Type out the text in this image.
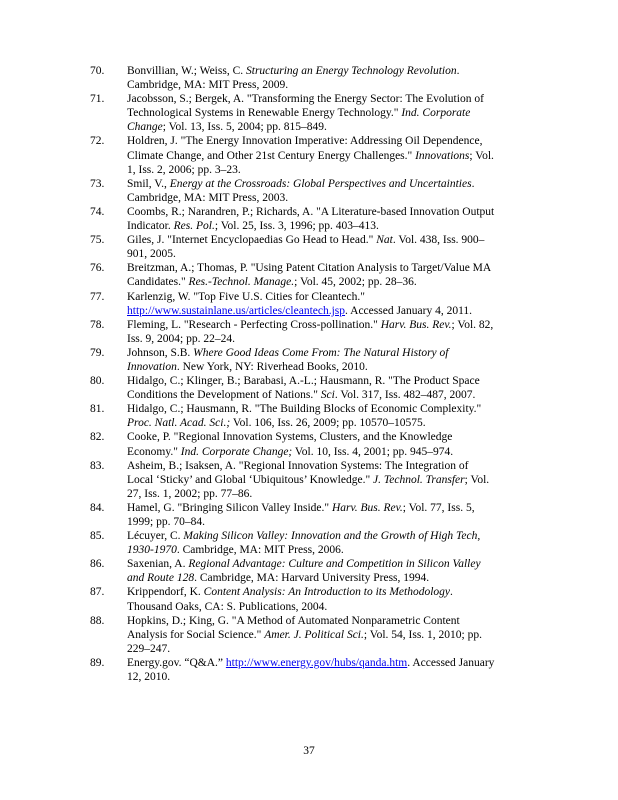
70. Bonvillian, W.; Weiss, C. Structuring an Energy Technology Revolution. Cambridge, MA: MIT Press, 2009.
71. Jacobsson, S.; Bergek, A. "Transforming the Energy Sector: The Evolution of Technological Systems in Renewable Energy Technology." Ind. Corporate Change; Vol. 13, Iss. 5, 2004; pp. 815–849.
72. Holdren, J. "The Energy Innovation Imperative: Addressing Oil Dependence, Climate Change, and Other 21st Century Energy Challenges." Innovations; Vol. 1, Iss. 2, 2006; pp. 3–23.
73. Smil, V., Energy at the Crossroads: Global Perspectives and Uncertainties. Cambridge, MA: MIT Press, 2003.
74. Coombs, R.; Narandren, P.; Richards, A. "A Literature-based Innovation Output Indicator. Res. Pol.; Vol. 25, Iss. 3, 1996; pp. 403–413.
75. Giles, J. "Internet Encyclopaedias Go Head to Head." Nat. Vol. 438, Iss. 900–901, 2005.
76. Breitzman, A.; Thomas, P. "Using Patent Citation Analysis to Target/Value MA Candidates." Res.-Technol. Manage.; Vol. 45, 2002; pp. 28–36.
77. Karlenzig, W. "Top Five U.S. Cities for Cleantech." http://www.sustainlane.us/articles/cleantech.jsp. Accessed January 4, 2011.
78. Fleming, L. "Research - Perfecting Cross-pollination." Harv. Bus. Rev.; Vol. 82, Iss. 9, 2004; pp. 22–24.
79. Johnson, S.B. Where Good Ideas Come From: The Natural History of Innovation. New York, NY: Riverhead Books, 2010.
80. Hidalgo, C.; Klinger, B.; Barabasi, A.-L.; Hausmann, R. "The Product Space Conditions the Development of Nations." Sci. Vol. 317, Iss. 482–487, 2007.
81. Hidalgo, C.; Hausmann, R. "The Building Blocks of Economic Complexity." Proc. Natl. Acad. Sci.; Vol. 106, Iss. 26, 2009; pp. 10570–10575.
82. Cooke, P. "Regional Innovation Systems, Clusters, and the Knowledge Economy." Ind. Corporate Change; Vol. 10, Iss. 4, 2001; pp. 945–974.
83. Asheim, B.; Isaksen, A. "Regional Innovation Systems: The Integration of Local ‘Sticky’ and Global ‘Ubiquitous’ Knowledge." J. Technol. Transfer; Vol. 27, Iss. 1, 2002; pp. 77–86.
84. Hamel, G. "Bringing Silicon Valley Inside." Harv. Bus. Rev.; Vol. 77, Iss. 5, 1999; pp. 70–84.
85. Lécuyer, C. Making Silicon Valley: Innovation and the Growth of High Tech, 1930-1970. Cambridge, MA: MIT Press, 2006.
86. Saxenian, A. Regional Advantage: Culture and Competition in Silicon Valley and Route 128. Cambridge, MA: Harvard University Press, 1994.
87. Krippendorf, K. Content Analysis: An Introduction to its Methodology. Thousand Oaks, CA: S. Publications, 2004.
88. Hopkins, D.; King, G. "A Method of Automated Nonparametric Content Analysis for Social Science." Amer. J. Political Sci.; Vol. 54, Iss. 1, 2010; pp. 229–247.
89. Energy.gov. “Q&A.” http://www.energy.gov/hubs/qanda.htm. Accessed January 12, 2010.
37
